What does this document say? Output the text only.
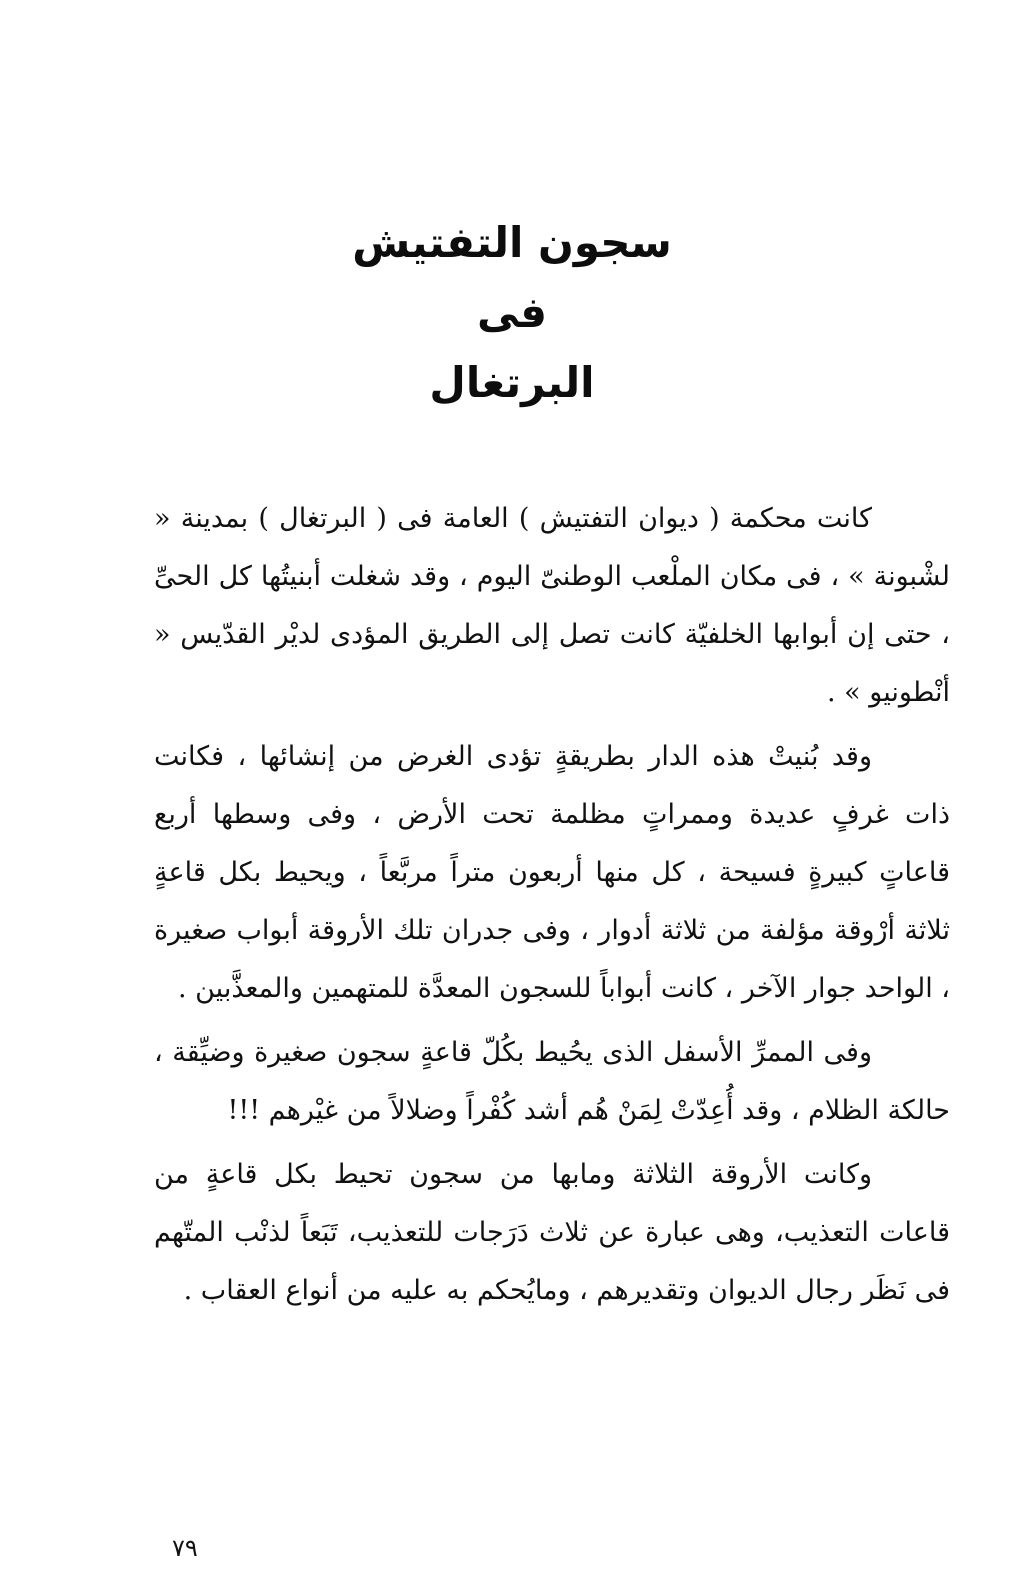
سجون التفتيش
فى
البرتغال

كانت محكمة ( ديوان التفتيش ) العامة فى ( البرتغال ) بمدينة « لشْبونة » ، فى مكان الملْعب الوطنىّ اليوم ، وقد شغلت أبنيتُها كل الحىِّ ، حتى إن أبوابها الخلفيّة كانت تصل إلى الطريق المؤدى لديْر القدّيس « أنْطونيو » .

وقد بُنيتْ هذه الدار بطريقةٍ تؤدى الغرض من إنشائها ، فكانت ذات غرفٍ عديدة وممراتٍ مظلمة تحت الأرض ، وفى وسطها أربع قاعاتٍ كبيرةٍ فسيحة ، كل منها أربعون متراً مربَّعاً ، ويحيط بكل قاعةٍ ثلاثة أرْوقة مؤلفة من ثلاثة أدوار ، وفى جدران تلك الأروقة أبواب صغيرة ، الواحد جوار الآخر ، كانت أبواباً للسجون المعدَّة للمتهمين والمعذَّبين .

وفى الممرِّ الأسفل الذى يحُيط بكُلّ قاعةٍ سجون صغيرة وضيِّقة ، حالكة الظلام ، وقد أُعِدّتْ لِمَنْ هُم أشد كُفْراً وضلالاً من غيْرهم !!!

وكانت الأروقة الثلاثة ومابها من سجون تحيط بكل قاعةٍ من قاعات التعذيب، وهى عبارة عن ثلاث دَرَجات للتعذيب، تَبَعاً لذنْب المتّهم فى نَظَر رجال الديوان وتقديرهم ، ومايُحكم به عليه من أنواع العقاب .

٧٩
